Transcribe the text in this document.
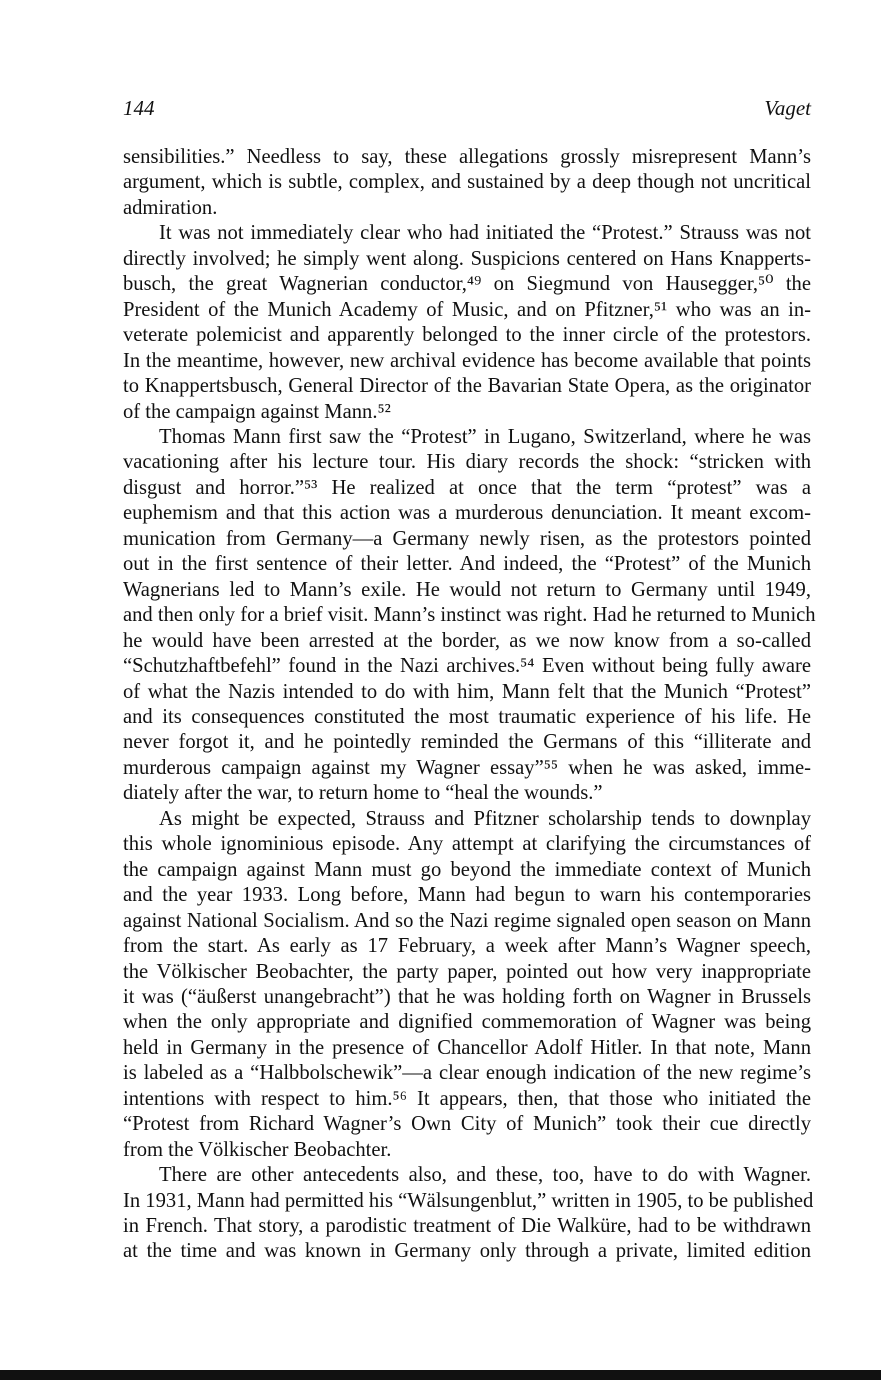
144	Vaget
sensibilities.” Needless to say, these allegations grossly misrepresent Mann’s
argument, which is subtle, complex, and sustained by a deep though not uncritical
admiration.
It was not immediately clear who had initiated the “Protest.” Strauss was not
directly involved; he simply went along. Suspicions centered on Hans Knapperts-
busch, the great Wagnerian conductor,⁴⁹ on Siegmund von Hausegger,⁵⁰ the
President of the Munich Academy of Music, and on Pfitzner,⁵¹ who was an in-
veterate polemicist and apparently belonged to the inner circle of the protestors.
In the meantime, however, new archival evidence has become available that points
to Knappertsbusch, General Director of the Bavarian State Opera, as the originator
of the campaign against Mann.⁵²
Thomas Mann first saw the “Protest” in Lugano, Switzerland, where he was
vacationing after his lecture tour. His diary records the shock: “stricken with
disgust and horror.”⁵³ He realized at once that the term “protest” was a
euphemism and that this action was a murderous denunciation. It meant excom-
munication from Germany—a Germany newly risen, as the protestors pointed
out in the first sentence of their letter. And indeed, the “Protest” of the Munich
Wagnerians led to Mann’s exile. He would not return to Germany until 1949,
and then only for a brief visit. Mann’s instinct was right. Had he returned to Munich
he would have been arrested at the border, as we now know from a so-called
“Schutzhaftbefehl” found in the Nazi archives.⁵⁴ Even without being fully aware
of what the Nazis intended to do with him, Mann felt that the Munich “Protest”
and its consequences constituted the most traumatic experience of his life. He
never forgot it, and he pointedly reminded the Germans of this “illiterate and
murderous campaign against my Wagner essay”⁵⁵ when he was asked, imme-
diately after the war, to return home to “heal the wounds.”
As might be expected, Strauss and Pfitzner scholarship tends to downplay
this whole ignominious episode. Any attempt at clarifying the circumstances of
the campaign against Mann must go beyond the immediate context of Munich
and the year 1933. Long before, Mann had begun to warn his contemporaries
against National Socialism. And so the Nazi regime signaled open season on Mann
from the start. As early as 17 February, a week after Mann’s Wagner speech,
the Völkischer Beobachter, the party paper, pointed out how very inappropriate
it was (“äußerst unangebracht”) that he was holding forth on Wagner in Brussels
when the only appropriate and dignified commemoration of Wagner was being
held in Germany in the presence of Chancellor Adolf Hitler. In that note, Mann
is labeled as a “Halbbolschewik”—a clear enough indication of the new regime’s
intentions with respect to him.⁵⁶ It appears, then, that those who initiated the
“Protest from Richard Wagner’s Own City of Munich” took their cue directly
from the Völkischer Beobachter.
There are other antecedents also, and these, too, have to do with Wagner.
In 1931, Mann had permitted his “Wälsungenblut,” written in 1905, to be published
in French. That story, a parodistic treatment of Die Walküre, had to be withdrawn
at the time and was known in Germany only through a private, limited edition
